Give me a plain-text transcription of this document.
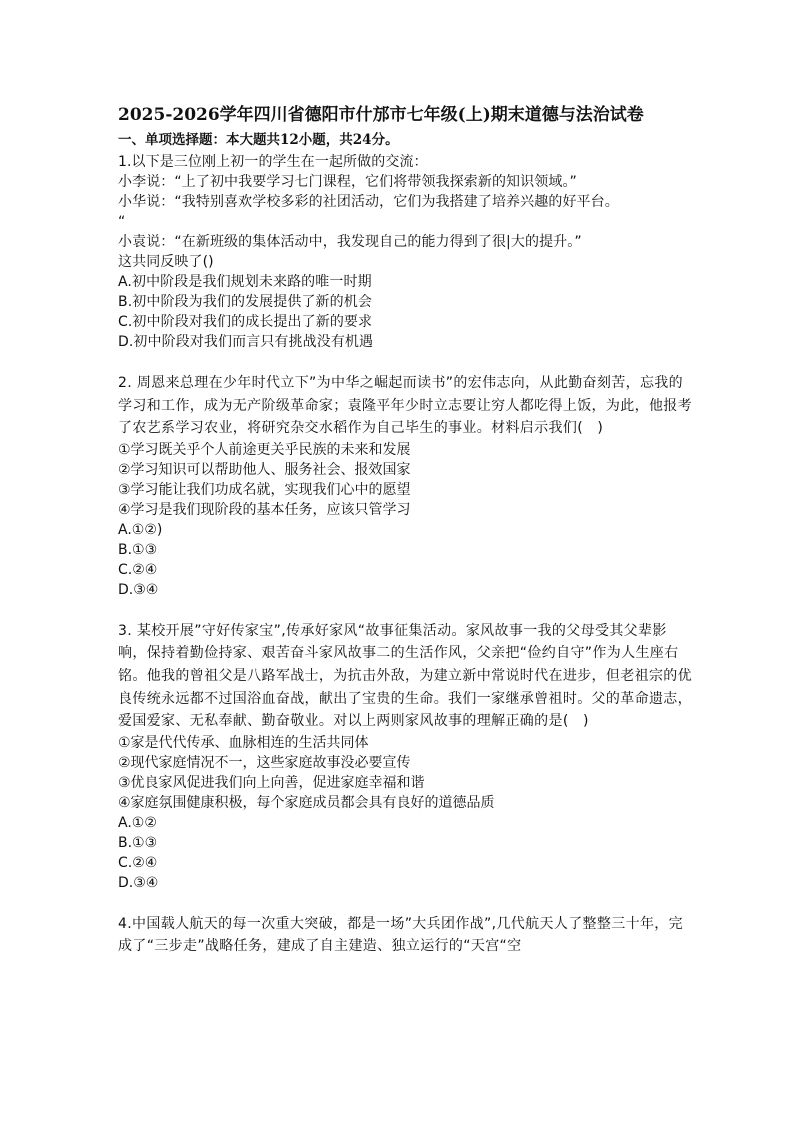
2025-2026学年四川省德阳市什邡市七年级(上)期末道德与法治试卷
一、单项选择题：本大题共12小题，共24分。
1.以下是三位刚上初一的学生在一起所做的交流：
小李说：“上了初中我要学习七门课程，它们将带领我探索新的知识领域。”
小华说：“我特别喜欢学校多彩的社团活动，它们为我搭建了培养兴趣的好平台。
“
小袁说：“在新班级的集体活动中，我发现自己的能力得到了很|大的提升。”
这共同反映了()
A.初中阶段是我们规划未来路的唯一时期
B.初中阶段为我们的发展提供了新的机会
C.初中阶段对我们的成长提出了新的要求
D.初中阶段对我们而言只有挑战没有机遇
2. 周恩来总理在少年时代立下”为中华之崛起而读书”的宏伟志向，从此勤奋刻苦，忘我的学习和工作，成为无产阶级革命家；袁隆平年少时立志要让穷人都吃得上饭，为此，他报考了农艺系学习农业，将研究杂交水稻作为自己毕生的事业。材料启示我们(　)
①学习既关乎个人前途更关乎民族的未来和发展
②学习知识可以帮助他人、服务社会、报效国家
③学习能让我们功成名就，实现我们心中的愿望
④学习是我们现阶段的基本任务，应该只管学习
A.①②)
B.①③
C.②④
D.③④
3. 某校开展”守好传家宝”,传承好家风“故事征集活动。家风故事一我的父母受其父辈影响，保持着勤俭持家、艰苦奋斗家风故事二的生活作风，父亲把“俭约自守”作为人生座右铭。他我的曾祖父是八路军战士，为抗击外敌，为建立新中常说时代在进步，但老祖宗的优良传统永远都不过国浴血奋战，献出了宝贵的生命。我们一家继承曾祖时。父的革命遗志，爱国爱家、无私奉献、勤奋敬业。对以上两则家风故事的理解正确的是(　)
①家是代代传承、血脉相连的生活共同体
②现代家庭情况不一，这些家庭故事没必要宣传
③优良家风促进我们向上向善，促进家庭幸福和谐
④家庭氛围健康积极，每个家庭成员都会具有良好的道德品质
A.①②
B.①③
C.②④
D.③④
4.中国载人航天的每一次重大突破，都是一场”大兵团作战”,几代航天人了整整三十年，完成了“三步走”战略任务，建成了自主建造、独立运行的“天宫“空
